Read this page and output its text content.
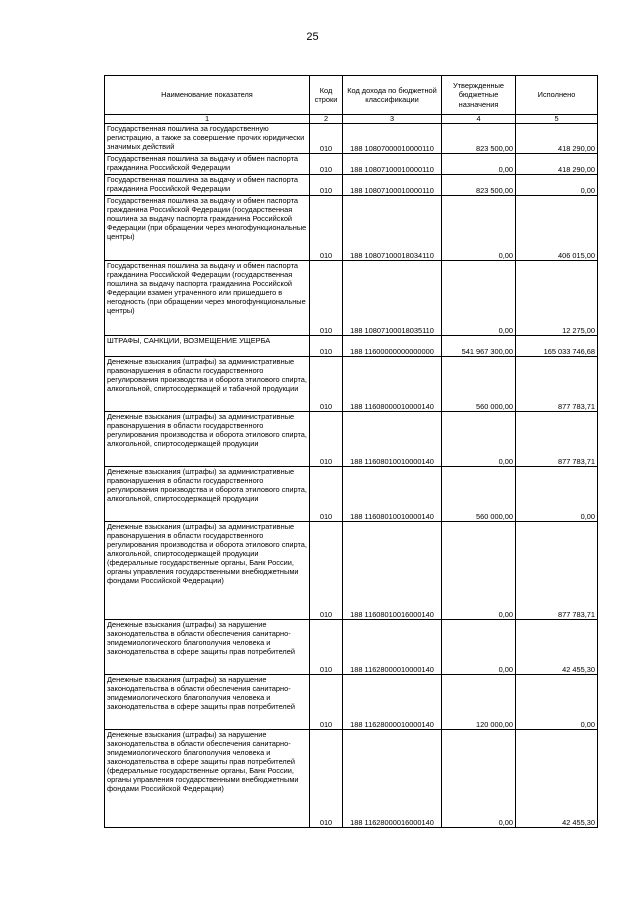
25
Наименование показателя	Код строки	Код дохода по бюджетной классификации	Утвержденные бюджетные назначения	Исполнено
1	2	3	4	5
Государственная пошлина за государственную регистрацию, а также за совершение прочих юридически значимых действий	010	188 10807000010000110	823 500,00	418 290,00
Государственная пошлина за выдачу и обмен паспорта гражданина Российской Федерации	010	188 10807100010000110	0,00	418 290,00
Государственная пошлина за выдачу и обмен паспорта гражданина Российской Федерации	010	188 10807100010000110	823 500,00	0,00
Государственная пошлина за выдачу и обмен паспорта гражданина Российской Федерации (государственная пошлина за выдачу паспорта гражданина Российской Федерации (при обращении через многофункциональные центры)	010	188 10807100018034110	0,00	406 015,00
Государственная пошлина за выдачу и обмен паспорта гражданина Российской Федерации (государственная пошлина за выдачу паспорта гражданина Российской Федерации взамен утраченного или пришедшего в негодность (при обращении через многофункциональные центры)	010	188 10807100018035110	0,00	12 275,00
ШТРАФЫ, САНКЦИИ, ВОЗМЕЩЕНИЕ УЩЕРБА	010	188 11600000000000000	541 967 300,00	165 033 746,68
Денежные взыскания (штрафы) за административные правонарушения в области государственного регулирования производства и оборота этилового спирта, алкогольной, спиртосодержащей и табачной продукции	010	188 11608000010000140	560 000,00	877 783,71
Денежные взыскания (штрафы) за административные правонарушения в области государственного регулирования производства и оборота этилового спирта, алкогольной, спиртосодержащей продукции	010	188 11608010010000140	0,00	877 783,71
Денежные взыскания (штрафы) за административные правонарушения в области государственного регулирования производства и оборота этилового спирта, алкогольной, спиртосодержащей продукции	010	188 11608010010000140	560 000,00	0,00
Денежные взыскания (штрафы) за административные правонарушения в области государственного регулирования производства и оборота этилового спирта, алкогольной, спиртосодержащей продукции (федеральные государственные органы, Банк России, органы управления государственными внебюджетными фондами Российской Федерации)	010	188 11608010016000140	0,00	877 783,71
Денежные взыскания (штрафы) за нарушение законодательства в области обеспечения санитарно-эпидемиологического благополучия человека и законодательства в сфере защиты прав потребителей	010	188 11628000010000140	0,00	42 455,30
Денежные взыскания (штрафы) за нарушение законодательства в области обеспечения санитарно-эпидемиологического благополучия человека и законодательства в сфере защиты прав потребителей	010	188 11628000010000140	120 000,00	0,00
Денежные взыскания (штрафы) за нарушение законодательства в области обеспечения санитарно-эпидемиологического благополучия человека и законодательства в сфере защиты прав потребителей (федеральные государственные органы, Банк России, органы управления государственными внебюджетными фондами Российской Федерации)	010	188 11628000016000140	0,00	42 455,30
